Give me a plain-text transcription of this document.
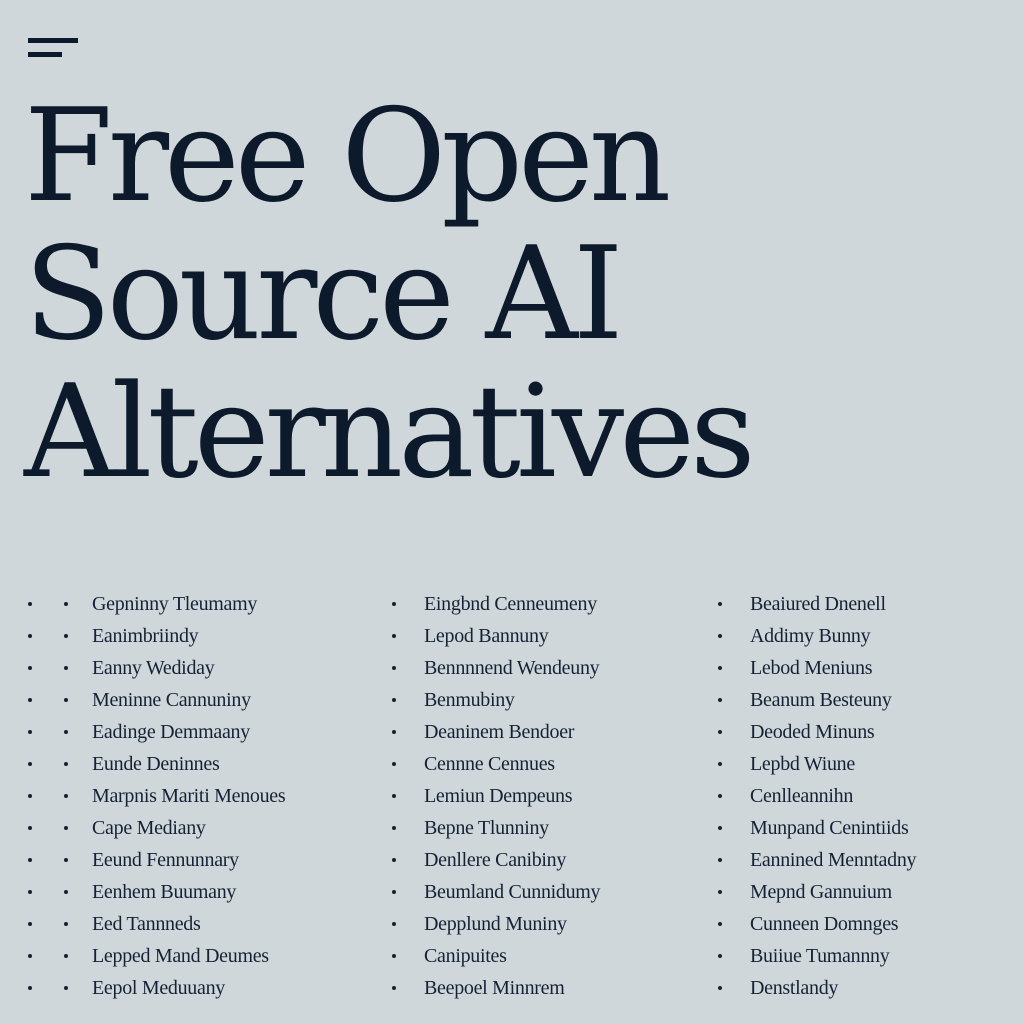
Free Open
Source AI
Alternatives
Gepninny Tleumamy
Eanimbriindy
Eanny Wediday
Meninne Cannuniny
Eadinge Demmaany
Eunde Deninnes
Marpnis Mariti Menoues
Cape Mediany
Eeund Fennunnary
Eenhem Buumany
Eed Tannneds
Lepped Mand Deumes
Eepol Meduuany
Eingbnd Cenneumeny
Lepod Bannuny
Bennnnend Wendeuny
Benmubiny
Deaninem Bendoer
Cennne Cennues
Lemiun Dempeuns
Bepne Tlunniny
Denllere Canibiny
Beumland Cunnidumy
Depplund Muniny
Canipuites
Beepoel Minnrem
Beaiured Dnenell
Addimy Bunny
Lebod Meniuns
Beanum Besteuny
Deoded Minuns
Lepbd Wiune
Cenlleannihn
Munpand Cenintiids
Eannined Menntadny
Mepnd Gannuium
Cunneen Domnges
Buiiue Tumannny
Denstlandy
